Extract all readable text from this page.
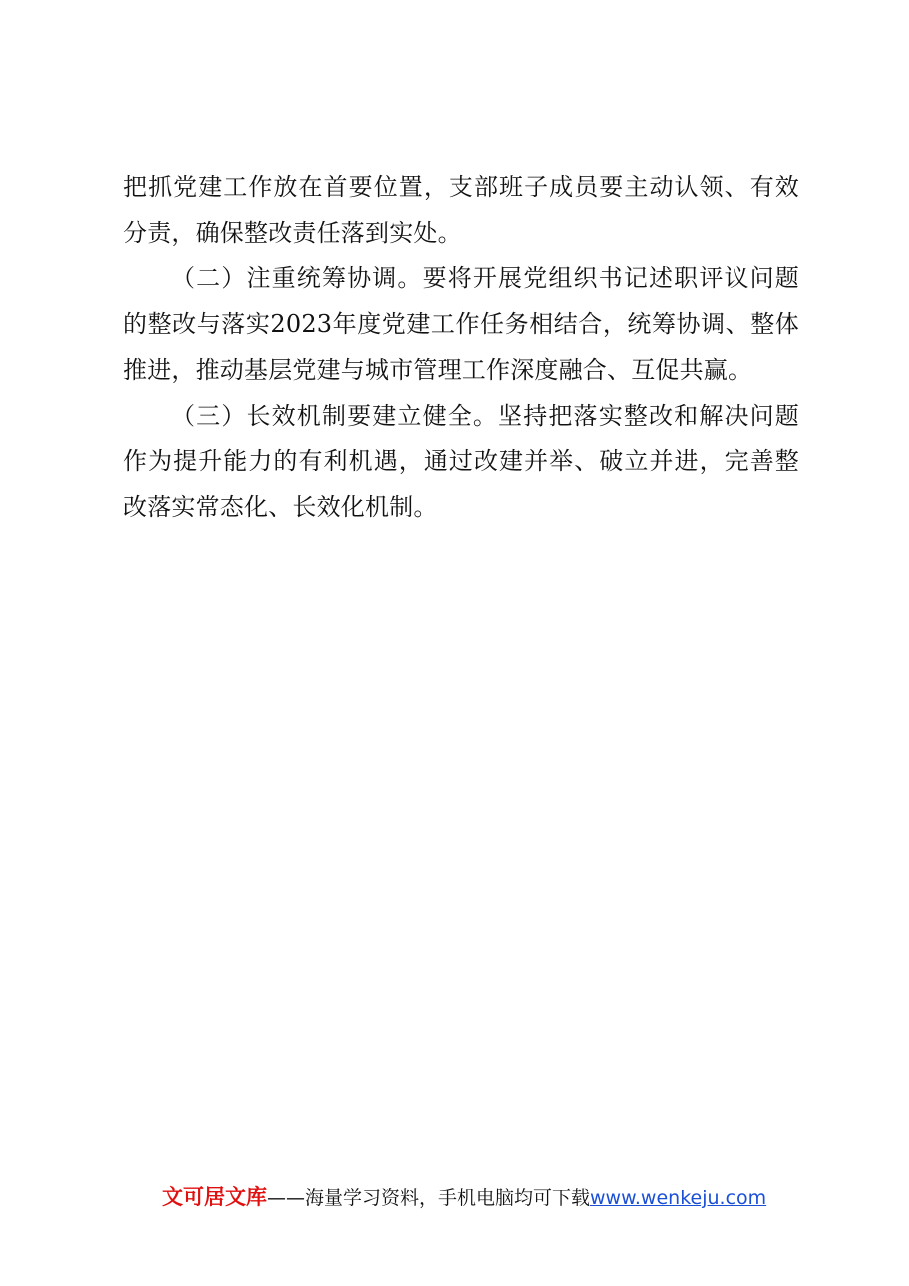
把抓党建工作放在首要位置，支部班子成员要主动认领、有效分责，确保整改责任落到实处。

（二）注重统筹协调。要将开展党组织书记述职评议问题的整改与落实2023年度党建工作任务相结合，统筹协调、整体推进，推动基层党建与城市管理工作深度融合、互促共赢。

（三）长效机制要建立健全。坚持把落实整改和解决问题作为提升能力的有利机遇，通过改建并举、破立并进，完善整改落实常态化、长效化机制。

文可居文库——海量学习资料，手机电脑均可下载www.wenkeju.com
